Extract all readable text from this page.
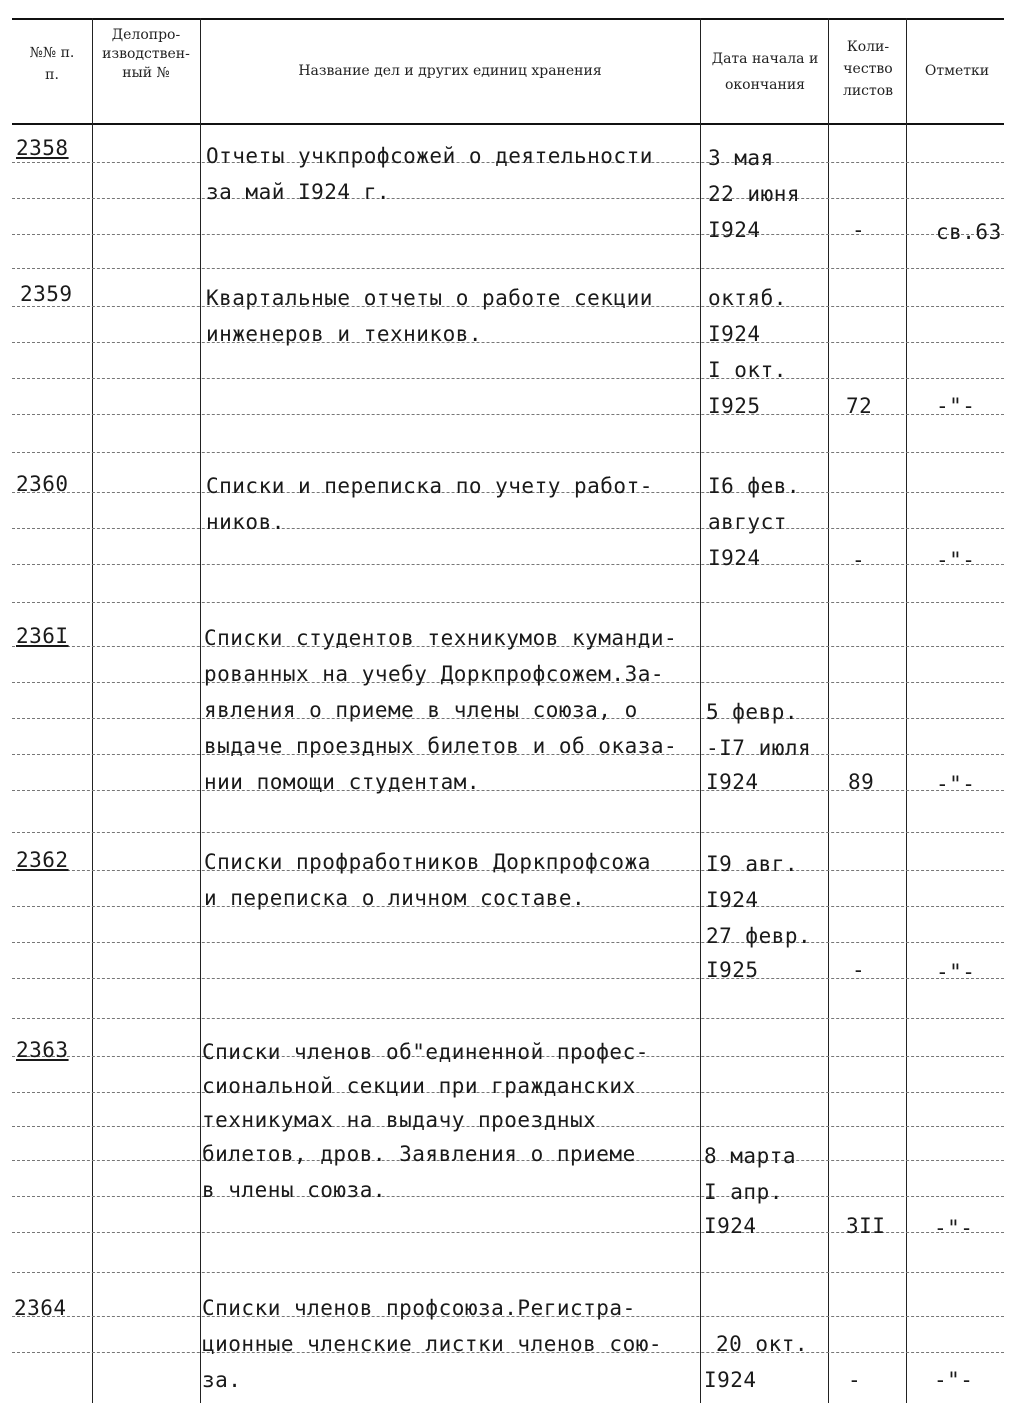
№№ п. п.
Делопро- изводствен- ный №	Название дел и других единиц хранения
Дата начала и окончания
Коли- чество листов
Отметки
2358	Отчеты учкпрофсожей о деятельности
за май I924 г.
3 мая
22 июня
I924	-	св.63
2359	Квартальные отчеты о работе секции
инженеров и техников.
октяб.
I924
I окт.
I925	72	-"-
2360	Списки и переписка по учету работ-
ников.
I6 фев.
август
I924	-	-"-
236I	Списки студентов техникумов куманди-
рованных на учебу Доркпрофсожем.За-
явления о приеме в члены союза, о
выдаче проездных билетов и об оказа-
нии помощи студентам.
5 февр.
-I7 июля
I924	89	-"-
2362	Списки профработников Доркпрофсожа
и переписка о личном составе.
I9 авг.
I924
27 февр.
I925	-	-"-
2363	Списки членов об"единенной профес-
сиональной секции при гражданских
техникумах на выдачу проездных
билетов, дров. Заявления о приеме
в члены союза.
8 марта
I апр.
I924	3II -"-
2364	Списки членов профсоюза.Регистра-
ционные членские листки членов сою-
за.
20 окт.
I924	-	-"-
